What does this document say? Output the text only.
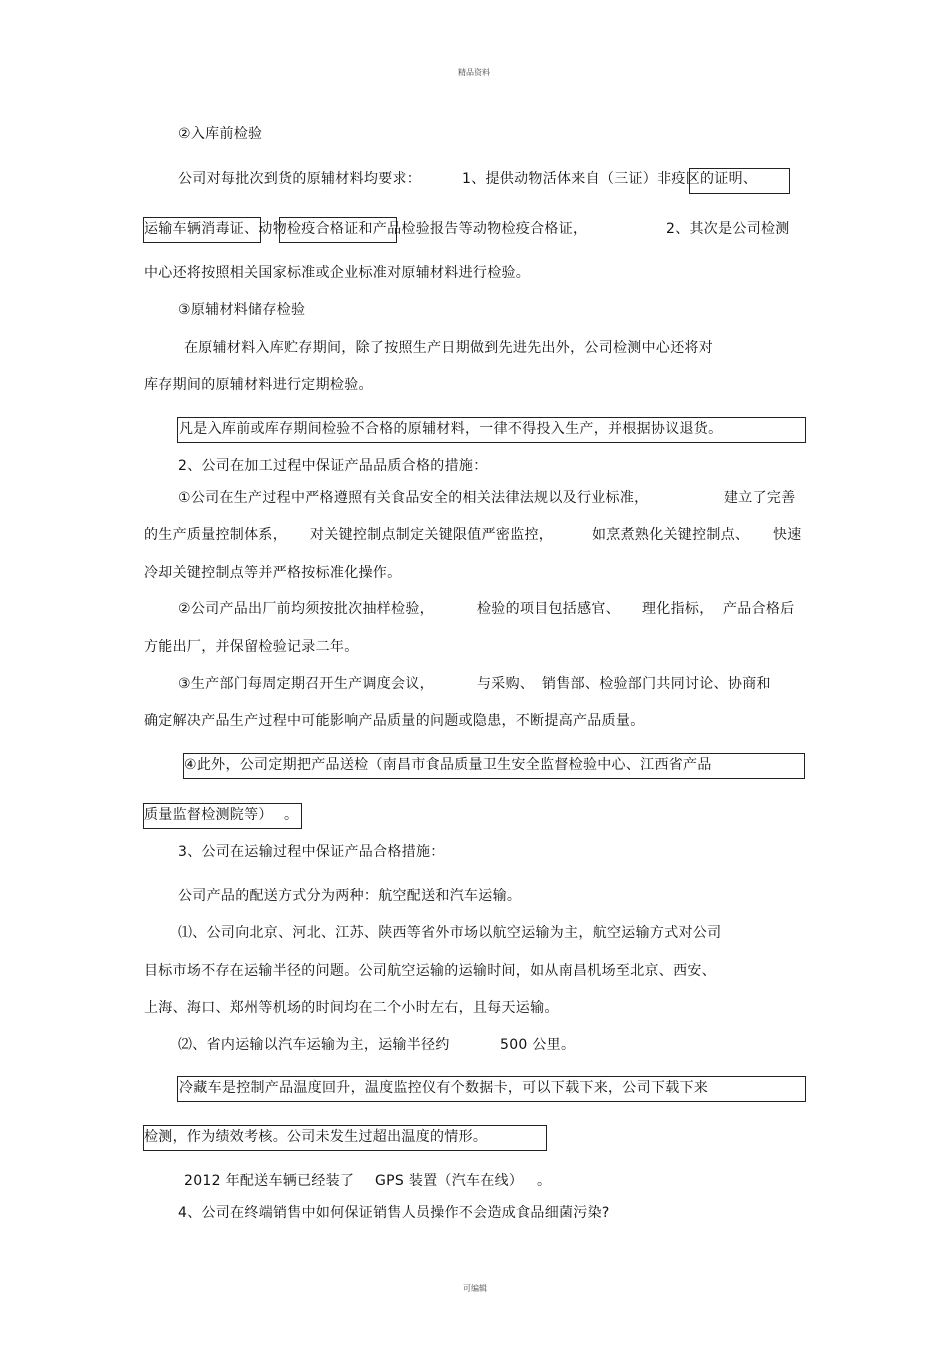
精品资料
②入库前检验
公司对每批次到货的原辅材料均要求：	1、提供动物活体来自（三证）非疫区的证明、
运输车辆消毒证、动物检疫合格证和产品检验报告等动物检疫合格证，	2、其次是公司检测
中心还将按照相关国家标准或企业标准对原辅材料进行检验。
③原辅材料储存检验
在原辅材料入库贮存期间，除了按照生产日期做到先进先出外，公司检测中心还将对
库存期间的原辅材料进行定期检验。
凡是入库前或库存期间检验不合格的原辅材料，一律不得投入生产，并根据协议退货。
2、公司在加工过程中保证产品品质合格的措施：
①公司在生产过程中严格遵照有关食品安全的相关法律法规以及行业标准，	建立了完善
的生产质量控制体系， 对关键控制点制定关键限值严密监控，	如烹煮熟化关键控制点、 快速
冷却关键控制点等并严格按标准化操作。
②公司产品出厂前均须按批次抽样检验，	检验的项目包括感官、 理化指标， 产品合格后
方能出厂，并保留检验记录二年。
③生产部门每周定期召开生产调度会议，	与采购、 销售部、检验部门共同讨论、协商和
确定解决产品生产过程中可能影响产品质量的问题或隐患，不断提高产品质量。
④此外，公司定期把产品送检（南昌市食品质量卫生安全监督检验中心、江西省产品
质量监督检测院等） 。
3、公司在运输过程中保证产品合格措施：
公司产品的配送方式分为两种：航空配送和汽车运输。
⑴、公司向北京、河北、江苏、陕西等省外市场以航空运输为主，航空运输方式对公司
目标市场不存在运输半径的问题。公司航空运输的运输时间，如从南昌机场至北京、西安、
上海、海口、郑州等机场的时间均在二个小时左右，且每天运输。
⑵、省内运输以汽车运输为主，运输半径约	500 公里。
冷藏车是控制产品温度回升，温度监控仪有个数据卡，可以下载下来，公司下载下来
检测，作为绩效考核。公司未发生过超出温度的情形。
2012 年配送车辆已经装了 GPS 装置（汽车在线） 。
4、公司在终端销售中如何保证销售人员操作不会造成食品细菌污染?
可编辑
